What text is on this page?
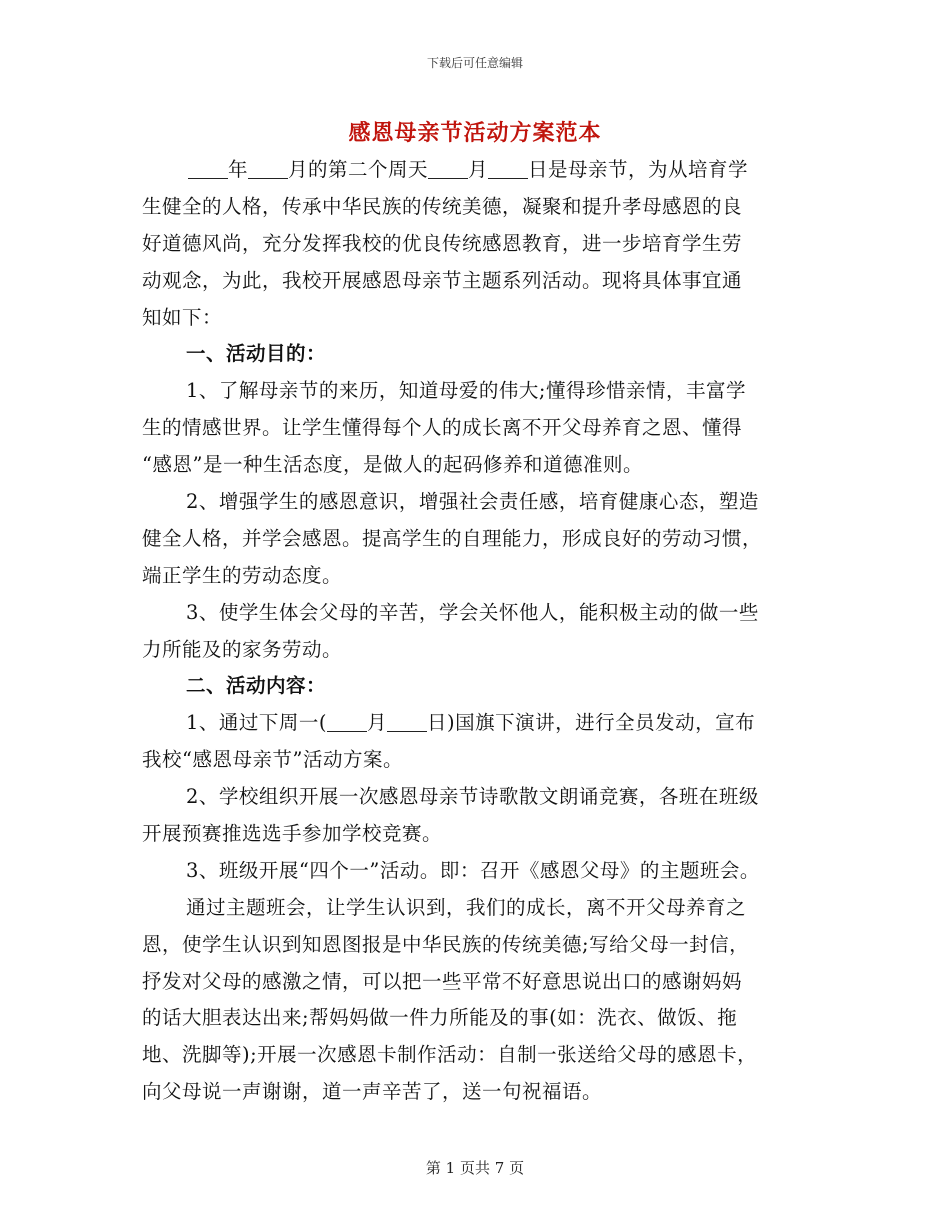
下载后可任意编辑
感恩母亲节活动方案范本
年 月的第二个周天 月 日是母亲节，为从培育学
生健全的人格，传承中华民族的传统美德，凝聚和提升孝母感恩的良
好道德风尚，充分发挥我校的优良传统感恩教育，进一步培育学生劳
动观念，为此，我校开展感恩母亲节主题系列活动。现将具体事宜通
知如下：
一、活动目的：
1、了解母亲节的来历，知道母爱的伟大;懂得珍惜亲情，丰富学
生的情感世界。让学生懂得每个人的成长离不开父母养育之恩、懂得
“感恩”是一种生活态度，是做人的起码修养和道德准则。
2、增强学生的感恩意识，增强社会责任感，培育健康心态，塑造
健全人格，并学会感恩。提高学生的自理能力，形成良好的劳动习惯，
端正学生的劳动态度。
3、使学生体会父母的辛苦，学会关怀他人，能积极主动的做一些
力所能及的家务劳动。
二、活动内容：
1、通过下周一( 月 日)国旗下演讲，进行全员发动，宣布
我校“感恩母亲节”活动方案。
2、学校组织开展一次感恩母亲节诗歌散文朗诵竞赛，各班在班级
开展预赛推选选手参加学校竞赛。
3、班级开展“四个一”活动。即：召开《感恩父母》的主题班会。
通过主题班会，让学生认识到，我们的成长，离不开父母养育之
恩，使学生认识到知恩图报是中华民族的传统美德;写给父母一封信，
抒发对父母的感激之情，可以把一些平常不好意思说出口的感谢妈妈
的话大胆表达出来;帮妈妈做一件力所能及的事(如：洗衣、做饭、拖
地、洗脚等);开展一次感恩卡制作活动：自制一张送给父母的感恩卡，
向父母说一声谢谢，道一声辛苦了，送一句祝福语。
第 1 页共 7 页
